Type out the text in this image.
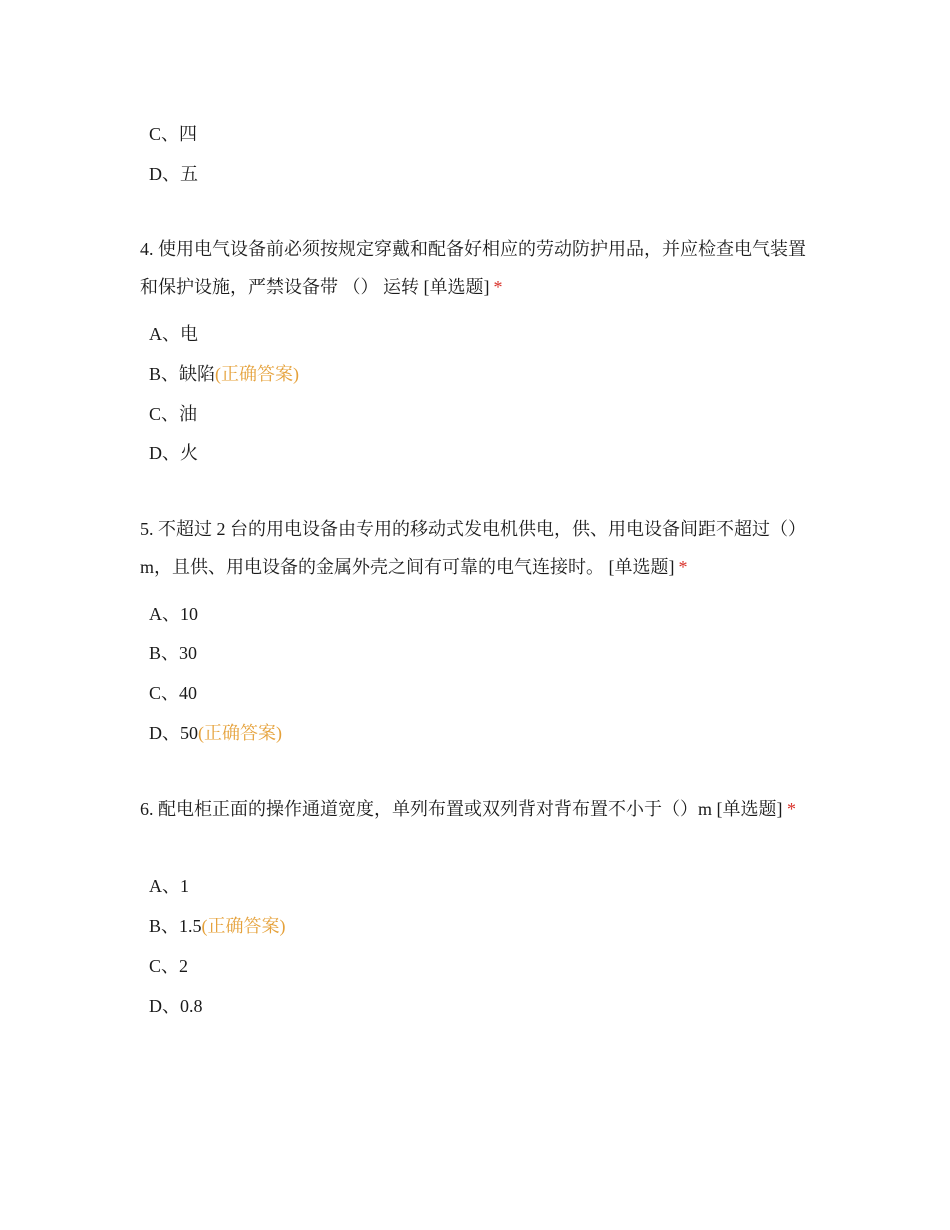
C、四
D、五
4. 使用电气设备前必须按规定穿戴和配备好相应的劳动防护用品，并应检查电气装置和保护设施，严禁设备带 （） 运转 [单选题] *
A、电
B、缺陷(正确答案)
C、油
D、火
5. 不超过 2 台的用电设备由专用的移动式发电机供电，供、用电设备间距不超过（）m，且供、用电设备的金属外壳之间有可靠的电气连接时。 [单选题] *
A、10
B、30
C、40
D、50(正确答案)
6. 配电柜正面的操作通道宽度，单列布置或双列背对背布置不小于（）m [单选题] *
A、1
B、1.5(正确答案)
C、2
D、0.8
